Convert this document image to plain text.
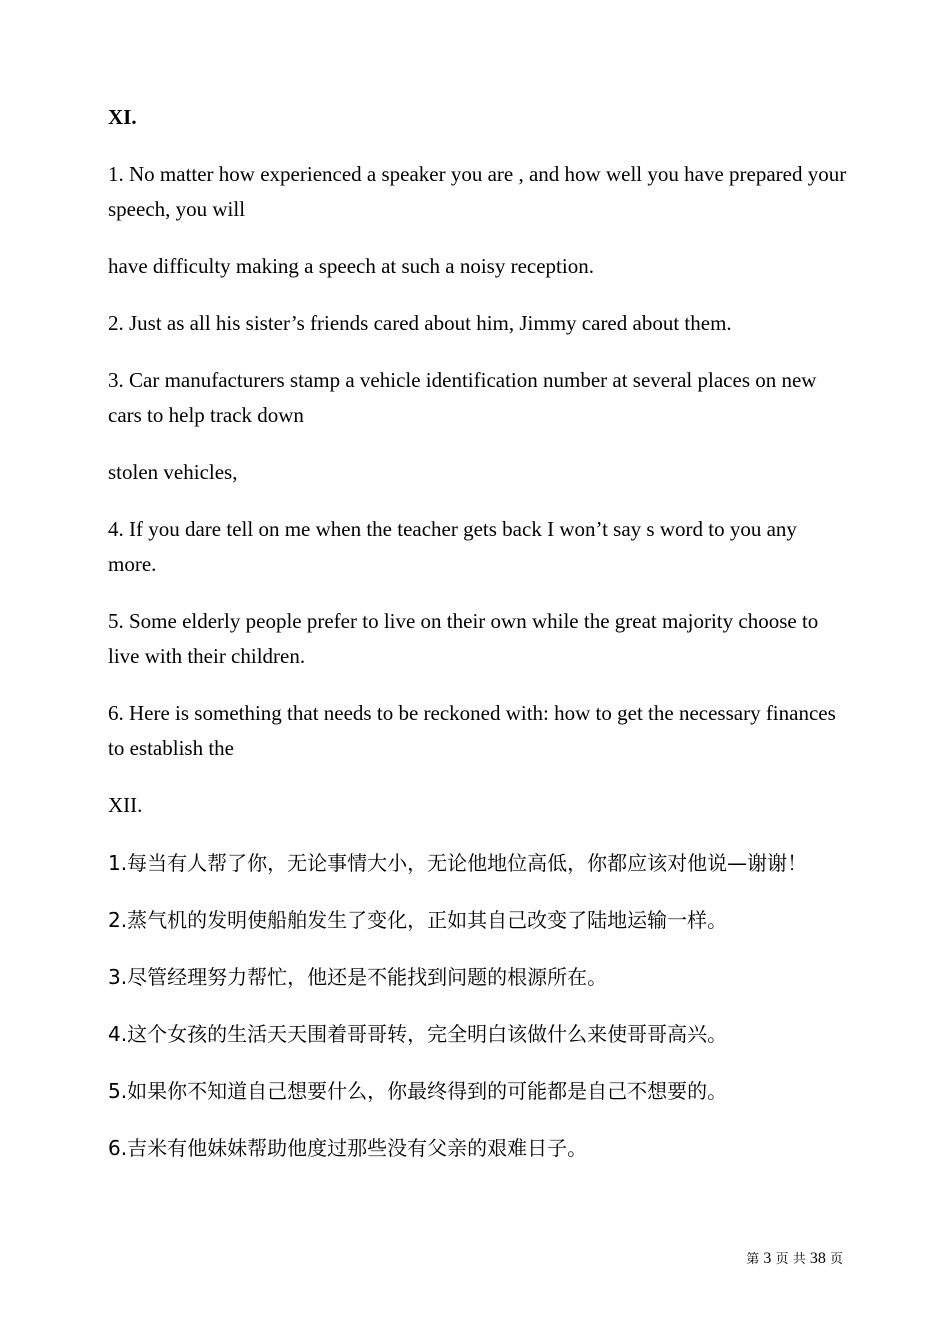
XI.

1. No matter how experienced a speaker you are , and how well you have prepared your speech, you will

have difficulty making a speech at such a noisy reception.

2. Just as all his sister’s friends cared about him, Jimmy cared about them.

3. Car manufacturers stamp a vehicle identification number at several places on new cars to help track down

stolen vehicles,

4. If you dare tell on me when the teacher gets back I won’t say s word to you any more.

5. Some elderly people prefer to live on their own while the great majority choose to live with their children.

6. Here is something that needs to be reckoned with: how to get the necessary finances to establish the

XII.

1.每当有人帮了你，无论事情大小，无论他地位高低，你都应该对他说—谢谢！

2.蒸气机的发明使船舶发生了变化，正如其自己改变了陆地运输一样。

3.尽管经理努力帮忙，他还是不能找到问题的根源所在。

4.这个女孩的生活天天围着哥哥转，完全明白该做什么来使哥哥高兴。

5.如果你不知道自己想要什么，你最终得到的可能都是自己不想要的。

6.吉米有他妹妹帮助他度过那些没有父亲的艰难日子。

第 3 页 共 38 页
